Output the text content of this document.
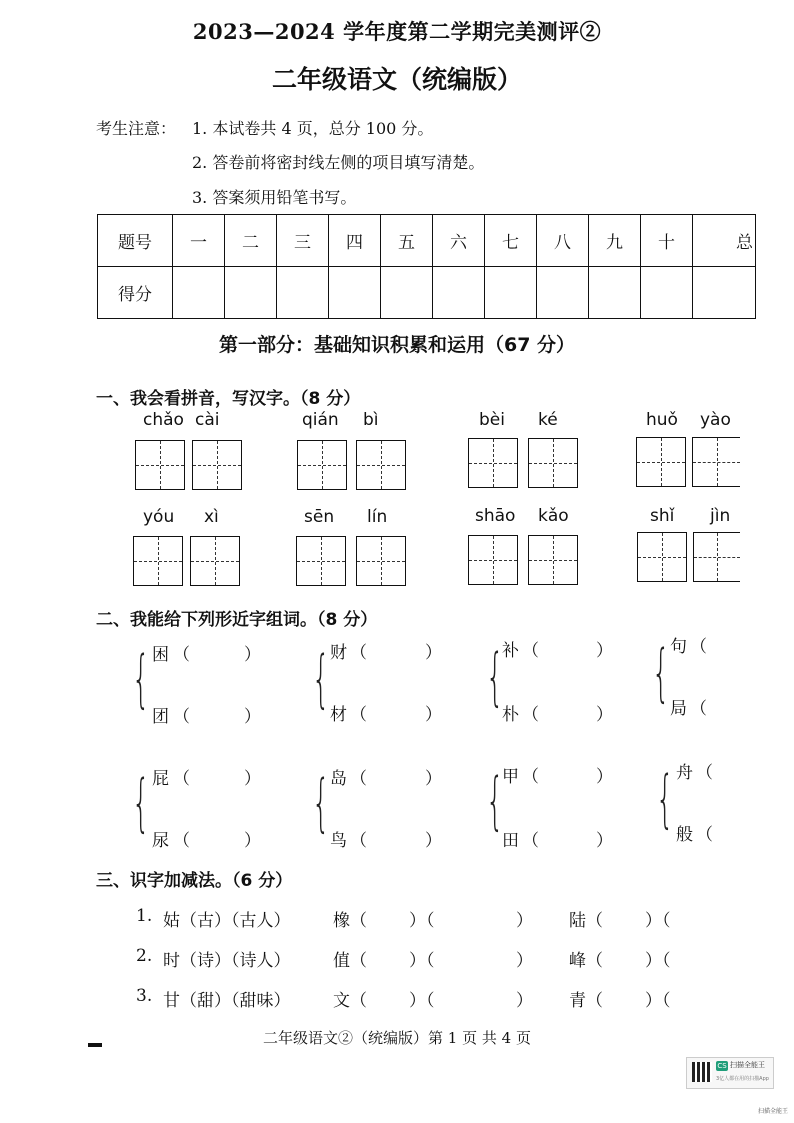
2023—2024 学年度第二学期完美测评②
二年级语文（统编版）
考生注意： 1. 本试卷共 4 页，总分 100 分。
2. 答卷前将密封线左侧的项目填写清楚。
3. 答案须用铅笔书写。
题号	一	二	三	四	五	六	七	八	九	十	总
得分											
第一部分：基础知识积累和运用（67 分）
一、我会看拼音，写汉字。（8 分）
chǎo cài	qián bì	bèi ké	huǒ yào
yóu xì	sēn lín	shāo kǎo	shǐ jìn
二、我能给下列形近字组词。（8 分）
{ 困 （	）
团 （	）
{ 财 （	）
材 （	）
{
补 （	）
朴 （	）
{ 句 （
局 （
{ 屁 （	）
尿 （	）
{ 岛 （	）
鸟 （	）
{
甲 （	）
田 （	）
{ 舟 （
般 （
三、识字加减法。（6 分）
1. 姑（古）（古人）	橡（ ）（	） 陆（ ）（
2. 时（诗）（诗人）	值（ ）（	） 峰（ ）（
3. 甘（甜）（甜味）	文（ ）（	） 青（ ）（
二年级语文②（统编版）第 1 页 共 4 页
CS 扫描全能王
3亿人都在用的扫描App
扫描全能王
